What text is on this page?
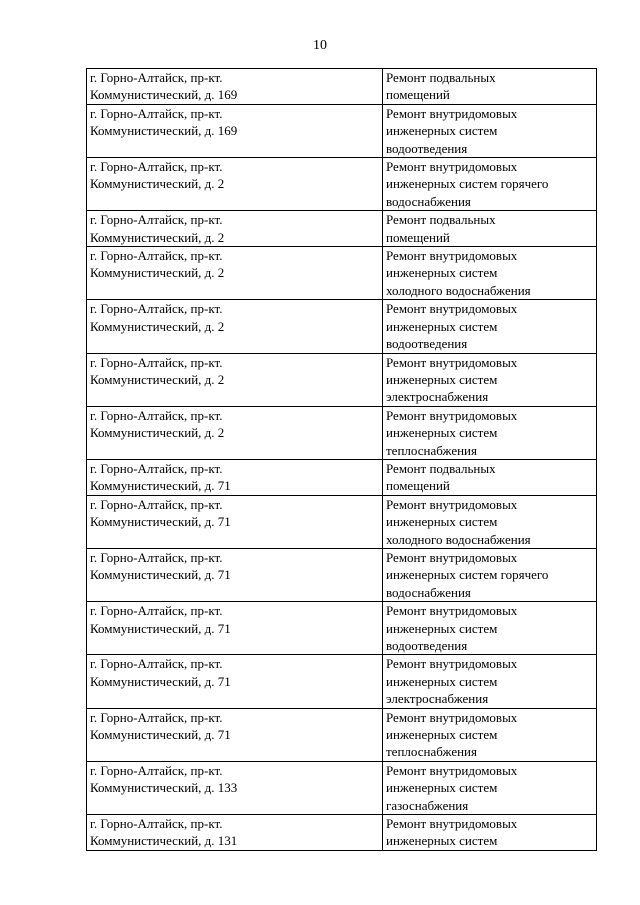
10
г. Горно-Алтайск, пр-кт.
Коммунистический, д. 169	Ремонт подвальных
помещений
г. Горно-Алтайск, пр-кт.
Коммунистический, д. 169	Ремонт внутридомовых
инженерных систем
водоотведения
г. Горно-Алтайск, пр-кт.
Коммунистический, д. 2	Ремонт внутридомовых
инженерных систем горячего
водоснабжения
г. Горно-Алтайск, пр-кт.
Коммунистический, д. 2	Ремонт подвальных
помещений
г. Горно-Алтайск, пр-кт.
Коммунистический, д. 2	Ремонт внутридомовых
инженерных систем
холодного водоснабжения
г. Горно-Алтайск, пр-кт.
Коммунистический, д. 2	Ремонт внутридомовых
инженерных систем
водоотведения
г. Горно-Алтайск, пр-кт.
Коммунистический, д. 2	Ремонт внутридомовых
инженерных систем
электроснабжения
г. Горно-Алтайск, пр-кт.
Коммунистический, д. 2	Ремонт внутридомовых
инженерных систем
теплоснабжения
г. Горно-Алтайск, пр-кт.
Коммунистический, д. 71	Ремонт подвальных
помещений
г. Горно-Алтайск, пр-кт.
Коммунистический, д. 71	Ремонт внутридомовых
инженерных систем
холодного водоснабжения
г. Горно-Алтайск, пр-кт.
Коммунистический, д. 71	Ремонт внутридомовых
инженерных систем горячего
водоснабжения
г. Горно-Алтайск, пр-кт.
Коммунистический, д. 71	Ремонт внутридомовых
инженерных систем
водоотведения
г. Горно-Алтайск, пр-кт.
Коммунистический, д. 71	Ремонт внутридомовых
инженерных систем
электроснабжения
г. Горно-Алтайск, пр-кт.
Коммунистический, д. 71	Ремонт внутридомовых
инженерных систем
теплоснабжения
г. Горно-Алтайск, пр-кт.
Коммунистический, д. 133	Ремонт внутридомовых
инженерных систем
газоснабжения
г. Горно-Алтайск, пр-кт.
Коммунистический, д. 131	Ремонт внутридомовых
инженерных систем
